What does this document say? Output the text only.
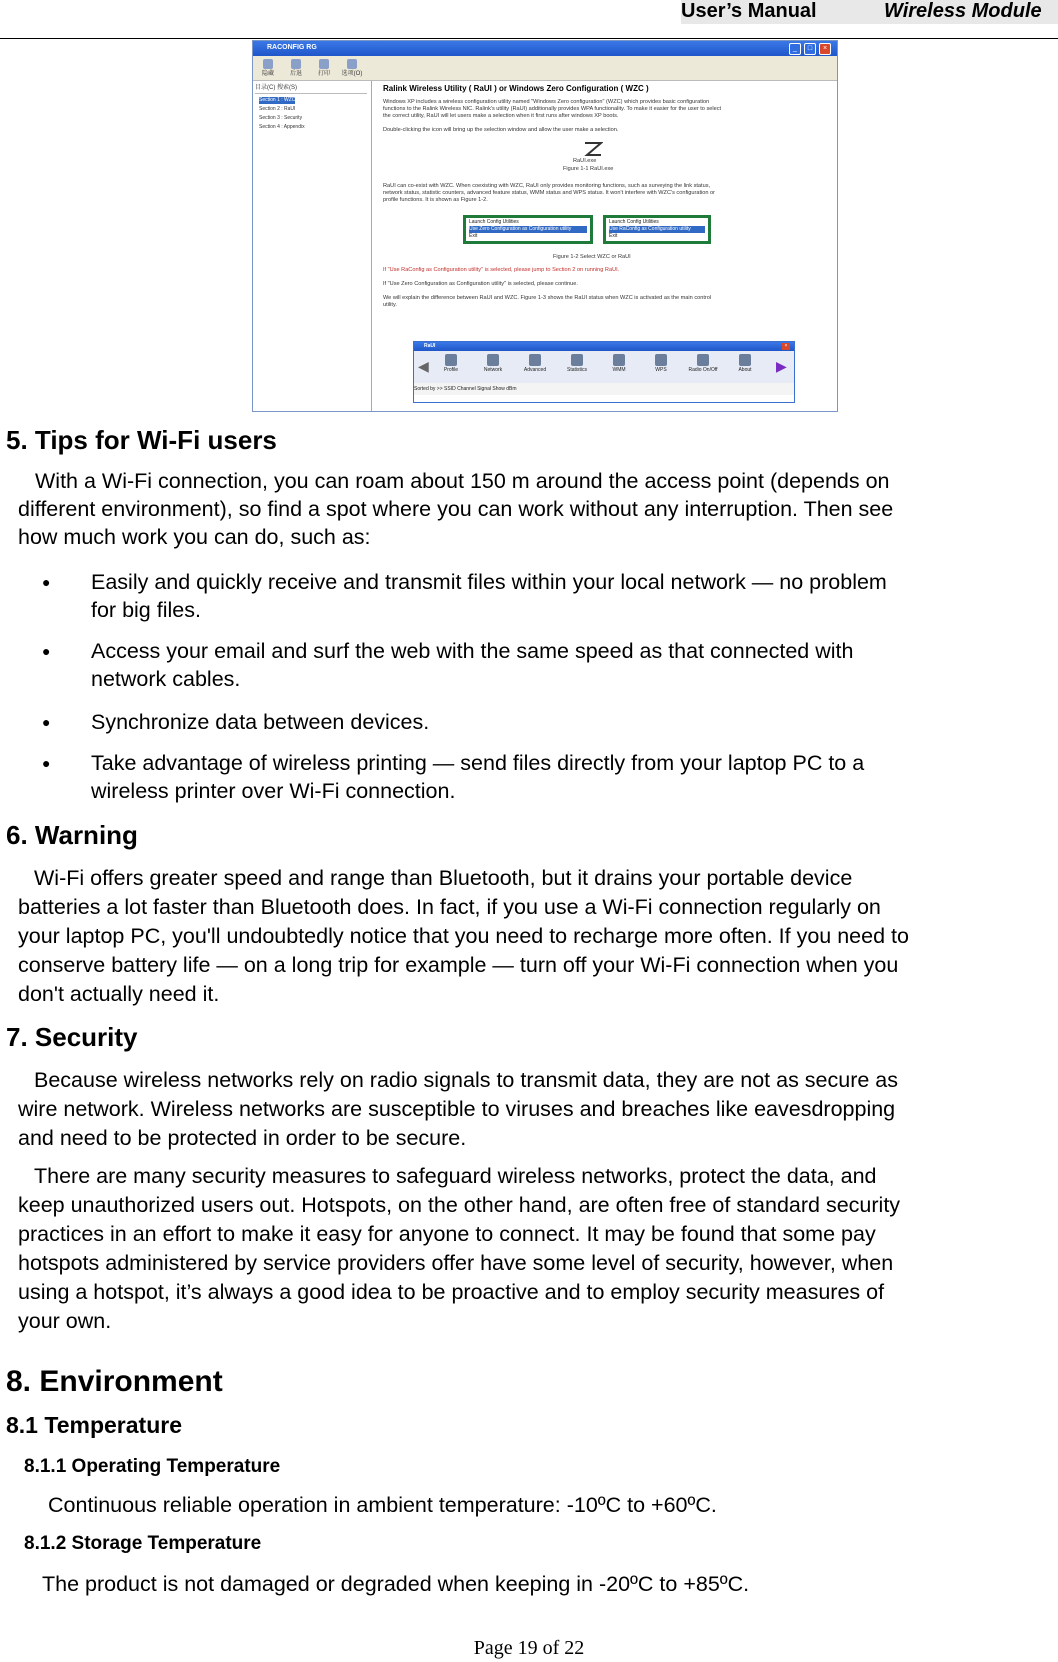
User’s Manual	Wireless Module
RACONFIG RG	_	□	×
隐藏	后退	打印	选项(O)
目录(C) 搜索(S)
Section 1 : WZC
Section 2 : RaUI
Section 3 : Security
Section 4 : Appendix
Ralink Wireless Utility ( RaUI ) or Windows Zero Configuration ( WZC )
Windows XP includes a wireless configuration utility named "Windows Zero configuration" (WZC) which provides basic configuration
functions to the Ralink Wireless NIC. Ralink's utility (RaUI) additionally provides WPA functionality. To make it easier for the user to select
the correct utility, RaUI will let users make a selection when it first runs after windows XP boots.
Double-clicking the icon will bring up the selection window and allow the user make a selection.
RaUI.exe
Figure 1-1 RaUI.exe
RaUI can co-exist with WZC. When coexisting with WZC, RaUI only provides monitoring functions, such as surveying the link status,
network status, statistic counters, advanced feature status, WMM status and WPS status. It won't interfere with WZC's configuration or
profile functions. It is shown as Figure 1-2.
Launch Config Utilities
Use Zero Configuration as Configuration utility
Exit
Launch Config Utilities
Use RaConfig as Configuration utility
Exit
Figure 1-2 Select WZC or RaUI
If "Use RaConfig as Configuration utility" is selected, please jump to Section 2 on running RaUI.
If "Use Zero Configuration as Configuration utility" is selected, please continue.
We will explain the difference between RaUI and WZC. Figure 1-3 shows the RaUI status when WZC is activated as the main control
utility.
RaUI	×
◀	▶
Profile	Network	Advanced	Statistics	WMM	WPS	Radio On/Off	About
Sorted by >> SSID Channel Signal Show dBm
5. Tips for Wi-Fi users
With a Wi-Fi connection, you can roam about 150 m around the access point (depends on
different environment), so find a spot where you can work without any interruption. Then see
how much work you can do, such as:
● Easily and quickly receive and transmit files within your local network — no problem
for big files.
● Access your email and surf the web with the same speed as that connected with
network cables.
● Synchronize data between devices.
● Take advantage of wireless printing — send files directly from your laptop PC to a
wireless printer over Wi-Fi connection.
6. Warning
Wi-Fi offers greater speed and range than Bluetooth, but it drains your portable device
batteries a lot faster than Bluetooth does. In fact, if you use a Wi-Fi connection regularly on
your laptop PC, you'll undoubtedly notice that you need to recharge more often. If you need to
conserve battery life — on a long trip for example — turn off your Wi-Fi connection when you
don't actually need it.
7. Security
Because wireless networks rely on radio signals to transmit data, they are not as secure as
wire network. Wireless networks are susceptible to viruses and breaches like eavesdropping
and need to be protected in order to be secure.
There are many security measures to safeguard wireless networks, protect the data, and
keep unauthorized users out. Hotspots, on the other hand, are often free of standard security
practices in an effort to make it easy for anyone to connect. It may be found that some pay
hotspots administered by service providers offer have some level of security, however, when
using a hotspot, it’s always a good idea to be proactive and to employ security measures of
your own.
8. Environment
8.1 Temperature
8.1.1 Operating Temperature
Continuous reliable operation in ambient temperature: -10ºC to +60ºC.
8.1.2 Storage Temperature
The product is not damaged or degraded when keeping in -20ºC to +85ºC.
Page 19 of 22
